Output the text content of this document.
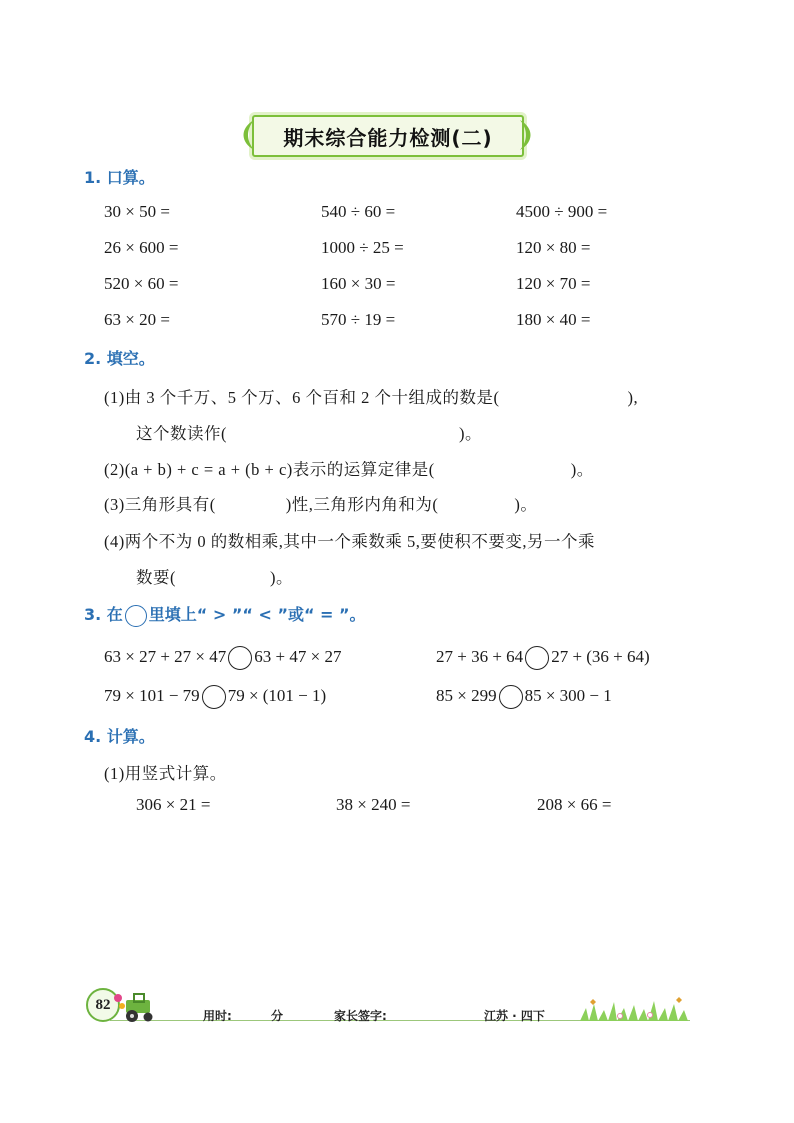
期末综合能力检测(二)
1. 口算。
30 × 50 =	540 ÷ 60 =	4500 ÷ 900 =
26 × 600 =	1000 ÷ 25 =	120 × 80 =
520 × 60 =	160 × 30 =	120 × 70 =
63 × 20 =	570 ÷ 19 =	180 × 40 =
2. 填空。
(1)由 3 个千万、5 个万、6 个百和 2 个十组成的数是(	),
这个数读作(	)。
(2)(a + b) + c = a + (b + c)表示的运算定律是(	)。
(3)三角形具有(	)性,三角形内角和为(	)。
(4)两个不为 0 的数相乘,其中一个乘数乘 5,要使积不要变,另一个乘
数要(	)。
3. 在 里填上“ > ”“ < ”或“ = ”。
63 × 27 + 27 × 47 63 + 47 × 27	27 + 36 + 64 27 + (36 + 64)
79 × 101 − 79 79 × (101 − 1)	85 × 299 85 × 300 − 1
4. 计算。
(1)用竖式计算。
306 × 21 =	38 × 240 =	208 × 66 =
82
用时:	分	家长签字:	江苏 · 四下
